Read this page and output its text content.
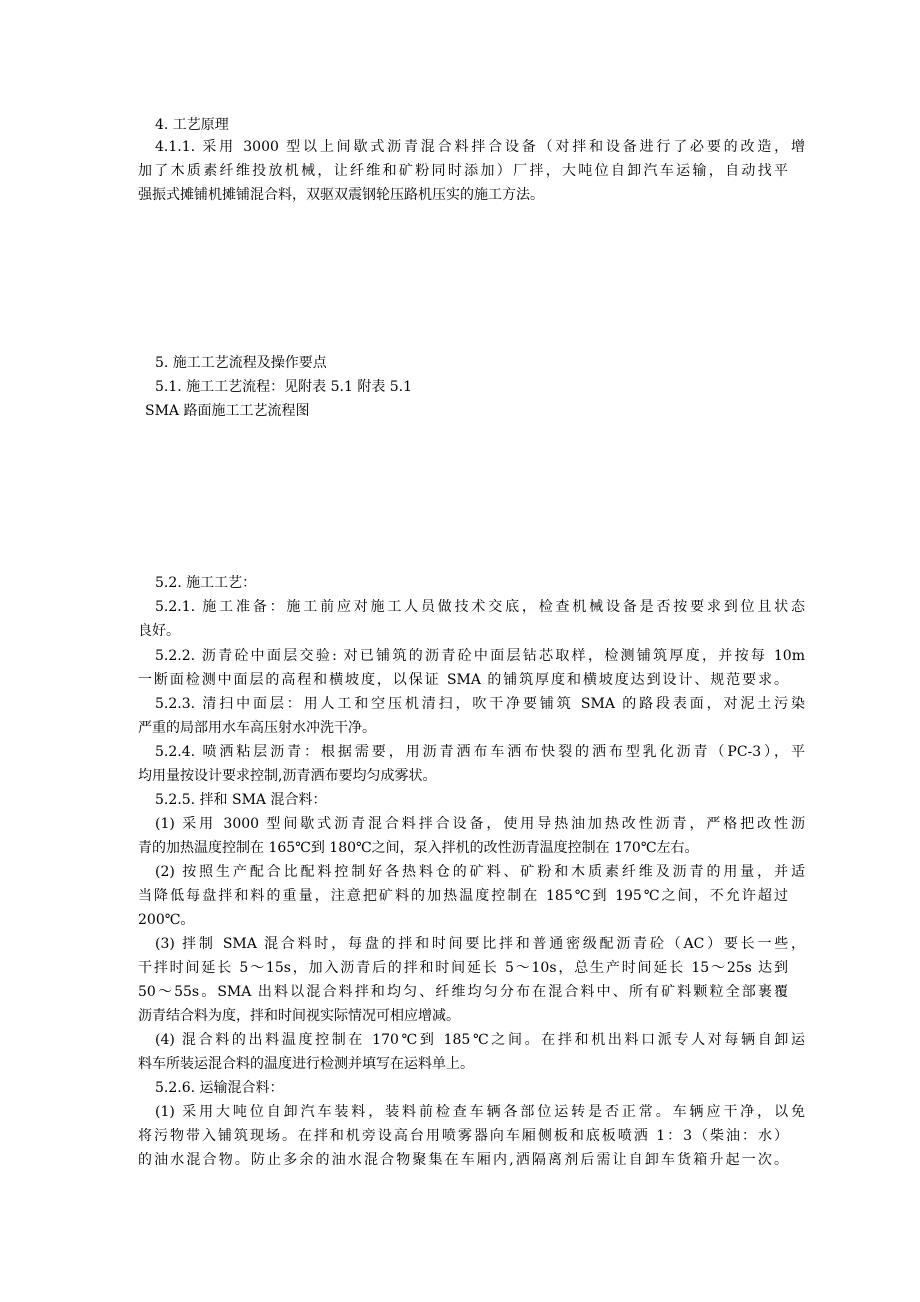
4. 工艺原理
4.1.1. 采用 3000 型以上间歇式沥青混合料拌合设备（对拌和设备进行了必要的改造，增
加了木质素纤维投放机械，让纤维和矿粉同时添加）厂拌，大吨位自卸汽车运输，自动找平
强振式摊铺机摊铺混合料，双驱双震钢轮压路机压实的施工方法。
5. 施工工艺流程及操作要点
5.1. 施工工艺流程：见附表 5.1 附表 5.1
SMA 路面施工工艺流程图
5.2. 施工工艺：
5.2.1. 施工准备：施工前应对施工人员做技术交底，检查机械设备是否按要求到位且状态
良好。
5.2.2. 沥青砼中面层交验: 对已铺筑的沥青砼中面层钻芯取样，检测铺筑厚度，并按每 10m
一断面检测中面层的高程和横坡度，以保证 SMA 的铺筑厚度和横坡度达到设计、规范要求。
5.2.3. 清扫中面层：用人工和空压机清扫，吹干净要铺筑 SMA 的路段表面，对泥土污染
严重的局部用水车高压射水冲洗干净。
5.2.4. 喷洒粘层沥青：根据需要，用沥青洒布车洒布快裂的洒布型乳化沥青（PC-3），平
均用量按设计要求控制,沥青洒布要均匀成雾状。
5.2.5. 拌和 SMA 混合料：
(1) 采用 3000 型间歇式沥青混合料拌合设备，使用导热油加热改性沥青，严格把改性沥
青的加热温度控制在 165℃到 180℃之间，泵入拌机的改性沥青温度控制在 170℃左右。
(2) 按照生产配合比配料控制好各热料仓的矿料、矿粉和木质素纤维及沥青的用量，并适
当降低每盘拌和料的重量，注意把矿料的加热温度控制在 185℃到 195℃之间，不允许超过
200℃。
(3) 拌制 SMA 混合料时，每盘的拌和时间要比拌和普通密级配沥青砼（AC）要长一些，
干拌时间延长 5～15s，加入沥青后的拌和时间延长 5～10s，总生产时间延长 15～25s 达到
50～55s。SMA 出料以混合料拌和均匀、纤维均匀分布在混合料中、所有矿料颗粒全部裹覆
沥青结合料为度，拌和时间视实际情况可相应增减。
(4) 混合料的出料温度控制在 170℃到 185℃之间。在拌和机出料口派专人对每辆自卸运
料车所装运混合料的温度进行检测并填写在运料单上。
5.2.6. 运输混合料：
(1) 采用大吨位自卸汽车装料，装料前检查车辆各部位运转是否正常。车辆应干净，以免
将污物带入铺筑现场。在拌和机旁设高台用喷雾器向车厢侧板和底板喷洒 1：3（柴油：水）
的油水混合物。防止多余的油水混合物聚集在车厢内,洒隔离剂后需让自卸车货箱升起一次。
